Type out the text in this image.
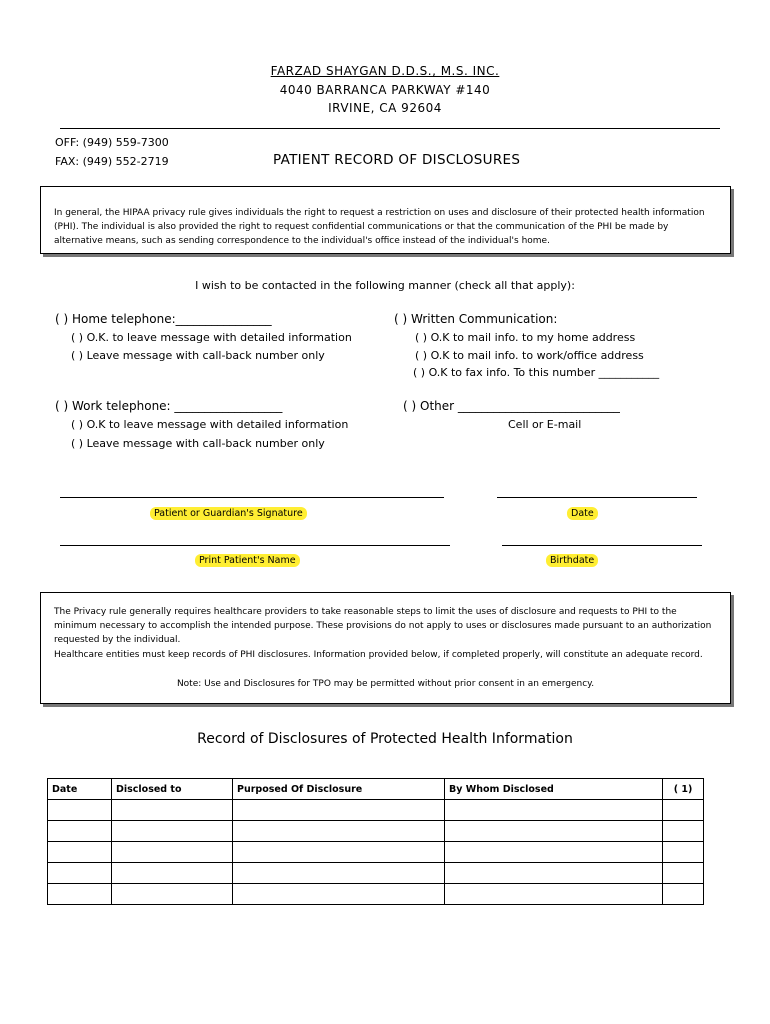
FARZAD SHAYGAN D.D.S., M.S. INC.
4040 BARRANCA PARKWAY #140
IRVINE, CA 92604
OFF: (949) 559-7300
FAX: (949) 552-2719	PATIENT RECORD OF DISCLOSURES
In general, the HIPAA privacy rule gives individuals the right to request a restriction on uses and disclosure of their protected health information (PHI). The individual is also provided the right to request confidential communications or that the communication of the PHI be made by alternative means, such as sending correspondence to the individual's office instead of the individual's home.
I wish to be contacted in the following manner (check all that apply):
( ) Home telephone:________________
( ) O.K. to leave message with detailed information
( ) Leave message with call-back number only
( ) Written Communication:
( ) O.K to mail info. to my home address
( ) O.K to mail info. to work/office address
( ) O.K to fax info. To this number ___________
( ) Work telephone: __________________
( ) O.K to leave message with detailed information
( ) Leave message with call-back number only
( ) Other ___________________________
Cell or E-mail
Patient or Guardian's Signature	Date
Print Patient's Name	Birthdate
The Privacy rule generally requires healthcare providers to take reasonable steps to limit the uses of disclosure and requests to PHI to the minimum necessary to accomplish the intended purpose. These provisions do not apply to uses or disclosures made pursuant to an authorization requested by the individual.
Healthcare entities must keep records of PHI disclosures. Information provided below, if completed properly, will constitute an adequate record.
Note: Use and Disclosures for TPO may be permitted without prior consent in an emergency.
Record of Disclosures of Protected Health Information
Date	Disclosed to	Purposed Of Disclosure	By Whom Disclosed	( 1)
